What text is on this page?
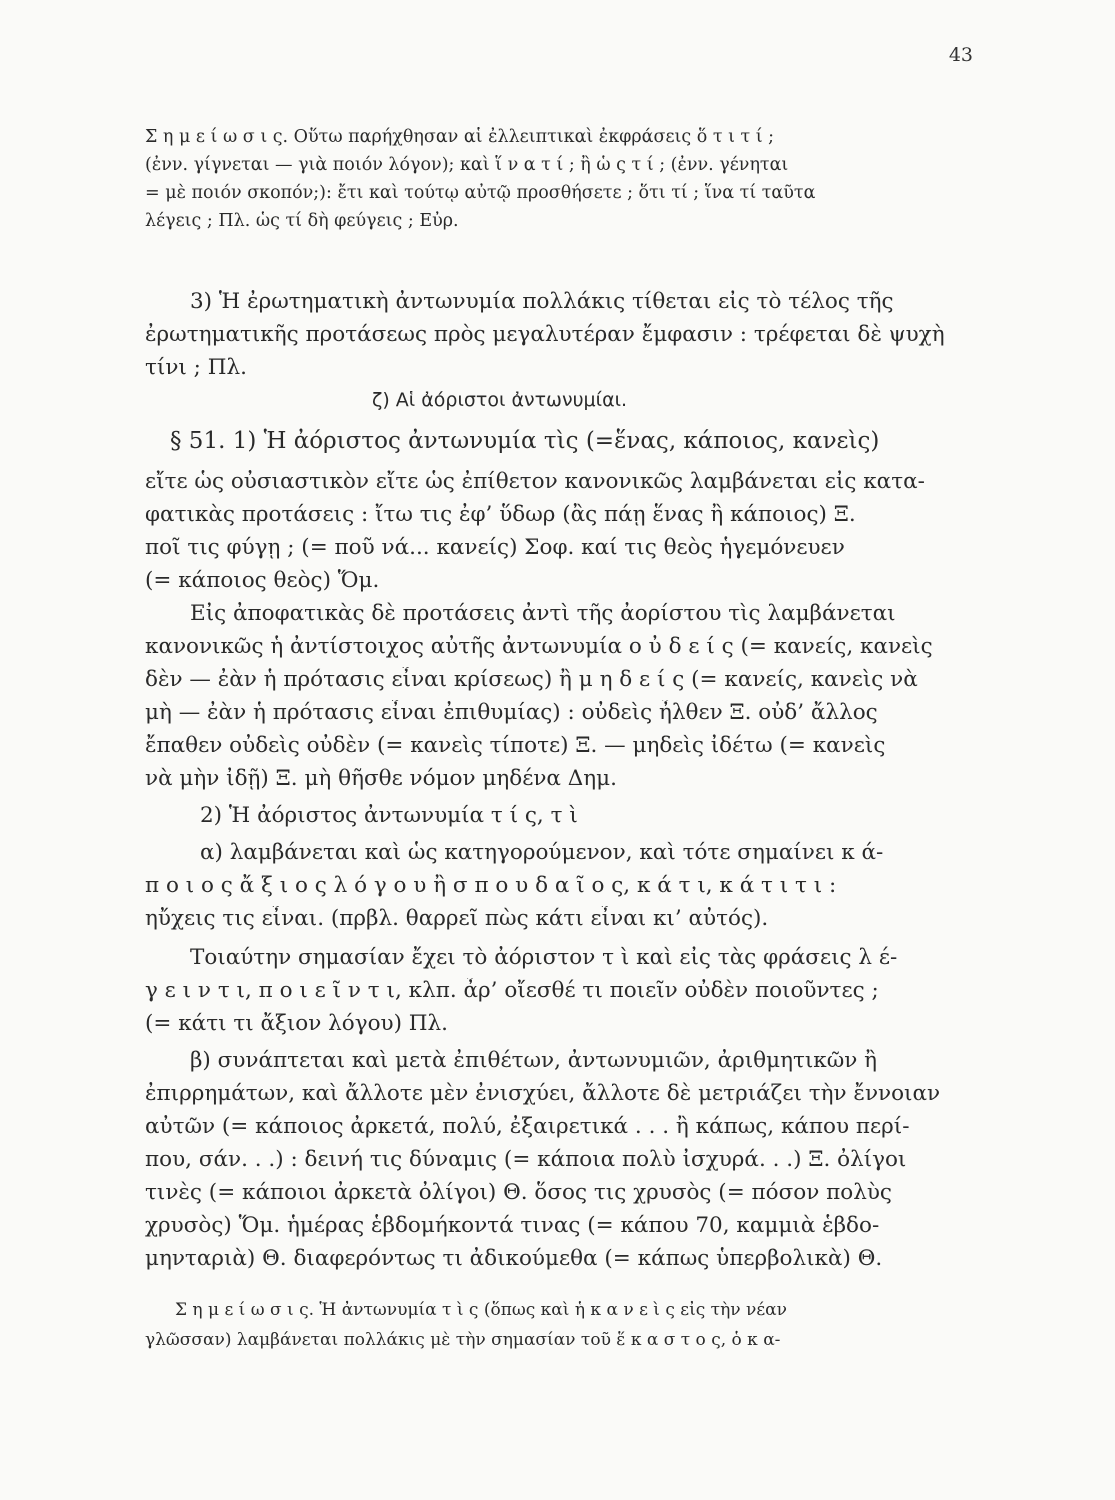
43
Σ η μ ε ί ω σ ι ς. Οὕτω παρήχθησαν αἱ ἐλλειπτικαὶ ἐκφράσεις ὅ τ ι τ ί ;
(ἐνν. γίγνεται — γιὰ ποιόν λόγον); καὶ ἵ ν α τ ί ; ἢ ὡ ς τ ί ; (ἐνν. γένηται
= μὲ ποιόν σκοπόν;): ἔτι καὶ τούτῳ αὐτῷ προσθήσετε ; ὅτι τί ; ἵνα τί ταῦτα
λέγεις ; Πλ. ὡς τί δὴ φεύγεις ; Εὐρ.
3) Ἡ ἐρωτηματικὴ ἀντωνυμία πολλάκις τίθεται εἰς τὸ τέλος τῆς
ἐρωτηματικῆς προτάσεως πρὸς μεγαλυτέραν ἔμφασιν : τρέφεται δὲ ψυχὴ
τίνι ; Πλ.
ζ) Αἱ ἀόριστοι ἀντωνυμίαι.
§ 51. 1) Ἡ ἀόριστος ἀντωνυμία τὶς (=ἕνας, κάποιος, κανεὶς)
εἴτε ὡς οὐσιαστικὸν εἴτε ὡς ἐπίθετον κανονικῶς λαμβάνεται εἰς κατα-
φατικὰς προτάσεις : ἴτω τις ἐφ’ ὕδωρ (ἂς πάῃ ἕνας ἢ κάποιος) Ξ.
ποῖ τις φύγῃ ; (= ποῦ νά... κανείς) Σοφ. καί τις θεὸς ἡγεμόνευεν
(= κάποιος θεὸς) Ὅμ.
Εἰς ἀποφατικὰς δὲ προτάσεις ἀντὶ τῆς ἀορίστου τὶς λαμβάνεται
κανονικῶς ἡ ἀντίστοιχος αὐτῆς ἀντωνυμία ο ὐ δ ε ί ς (= κανείς, κανεὶς
δὲν — ἐὰν ἡ πρότασις εἶναι κρίσεως) ἢ μ η δ ε ί ς (= κανείς, κανεὶς νὰ
μὴ — ἐὰν ἡ πρότασις εἶναι ἐπιθυμίας) : οὐδεὶς ἦλθεν Ξ. οὐδ’ ἄλλος
ἔπαθεν οὐδεὶς οὐδὲν (= κανεὶς τίποτε) Ξ. — μηδεὶς ἰδέτω (= κανεὶς
νὰ μὴν ἰδῇ) Ξ. μὴ θῆσθε νόμον μηδένα Δημ.
2) Ἡ ἀόριστος ἀντωνυμία τ ί ς, τ ὶ
α) λαμβάνεται καὶ ὡς κατηγορούμενον, καὶ τότε σημαίνει κ ά-
π ο ι ο ς ἄ ξ ι ο ς λ ό γ ο υ ἢ σ π ο υ δ α ῖ ο ς, κ ά τ ι, κ ά τ ι τ ι :
ηὔχεις τις εἶναι. (πρβλ. θαρρεῖ πὼς κάτι εἶναι κι’ αὐτός).
Τοιαύτην σημασίαν ἔχει τὸ ἀόριστον τ ὶ καὶ εἰς τὰς φράσεις λ έ-
γ ε ι ν τ ι, π ο ι ε ῖ ν τ ι, κλπ. ἆρ’ οἴεσθέ τι ποιεῖν οὐδὲν ποιοῦντες ;
(= κάτι τι ἄξιον λόγου) Πλ.
β) συνάπτεται καὶ μετὰ ἐπιθέτων, ἀντωνυμιῶν, ἀριθμητικῶν ἢ
ἐπιρρημάτων, καὶ ἄλλοτε μὲν ἐνισχύει, ἄλλοτε δὲ μετριάζει τὴν ἔννοιαν
αὐτῶν (= κάποιος ἀρκετά, πολύ, ἐξαιρετικά . . . ἢ κάπως, κάπου περί-
που, σάν. . .) : δεινή τις δύναμις (= κάποια πολὺ ἰσχυρά. . .) Ξ. ὀλίγοι
τινὲς (= κάποιοι ἀρκετὰ ὀλίγοι) Θ. ὅσος τις χρυσὸς (= πόσον πολὺς
χρυσὸς) Ὅμ. ἡμέρας ἑβδομήκοντά τινας (= κάπου 70, καμμιὰ ἑβδο-
μηνταριὰ) Θ. διαφερόντως τι ἀδικούμεθα (= κάπως ὑπερβολικὰ) Θ.
Σ η μ ε ί ω σ ι ς. Ἡ ἀντωνυμία τ ὶ ς (ὅπως καὶ ἡ κ α ν ε ὶ ς εἰς τὴν νέαν
γλῶσσαν) λαμβάνεται πολλάκις μὲ τὴν σημασίαν τοῦ ἕ κ α σ τ ο ς, ὁ κ α-
